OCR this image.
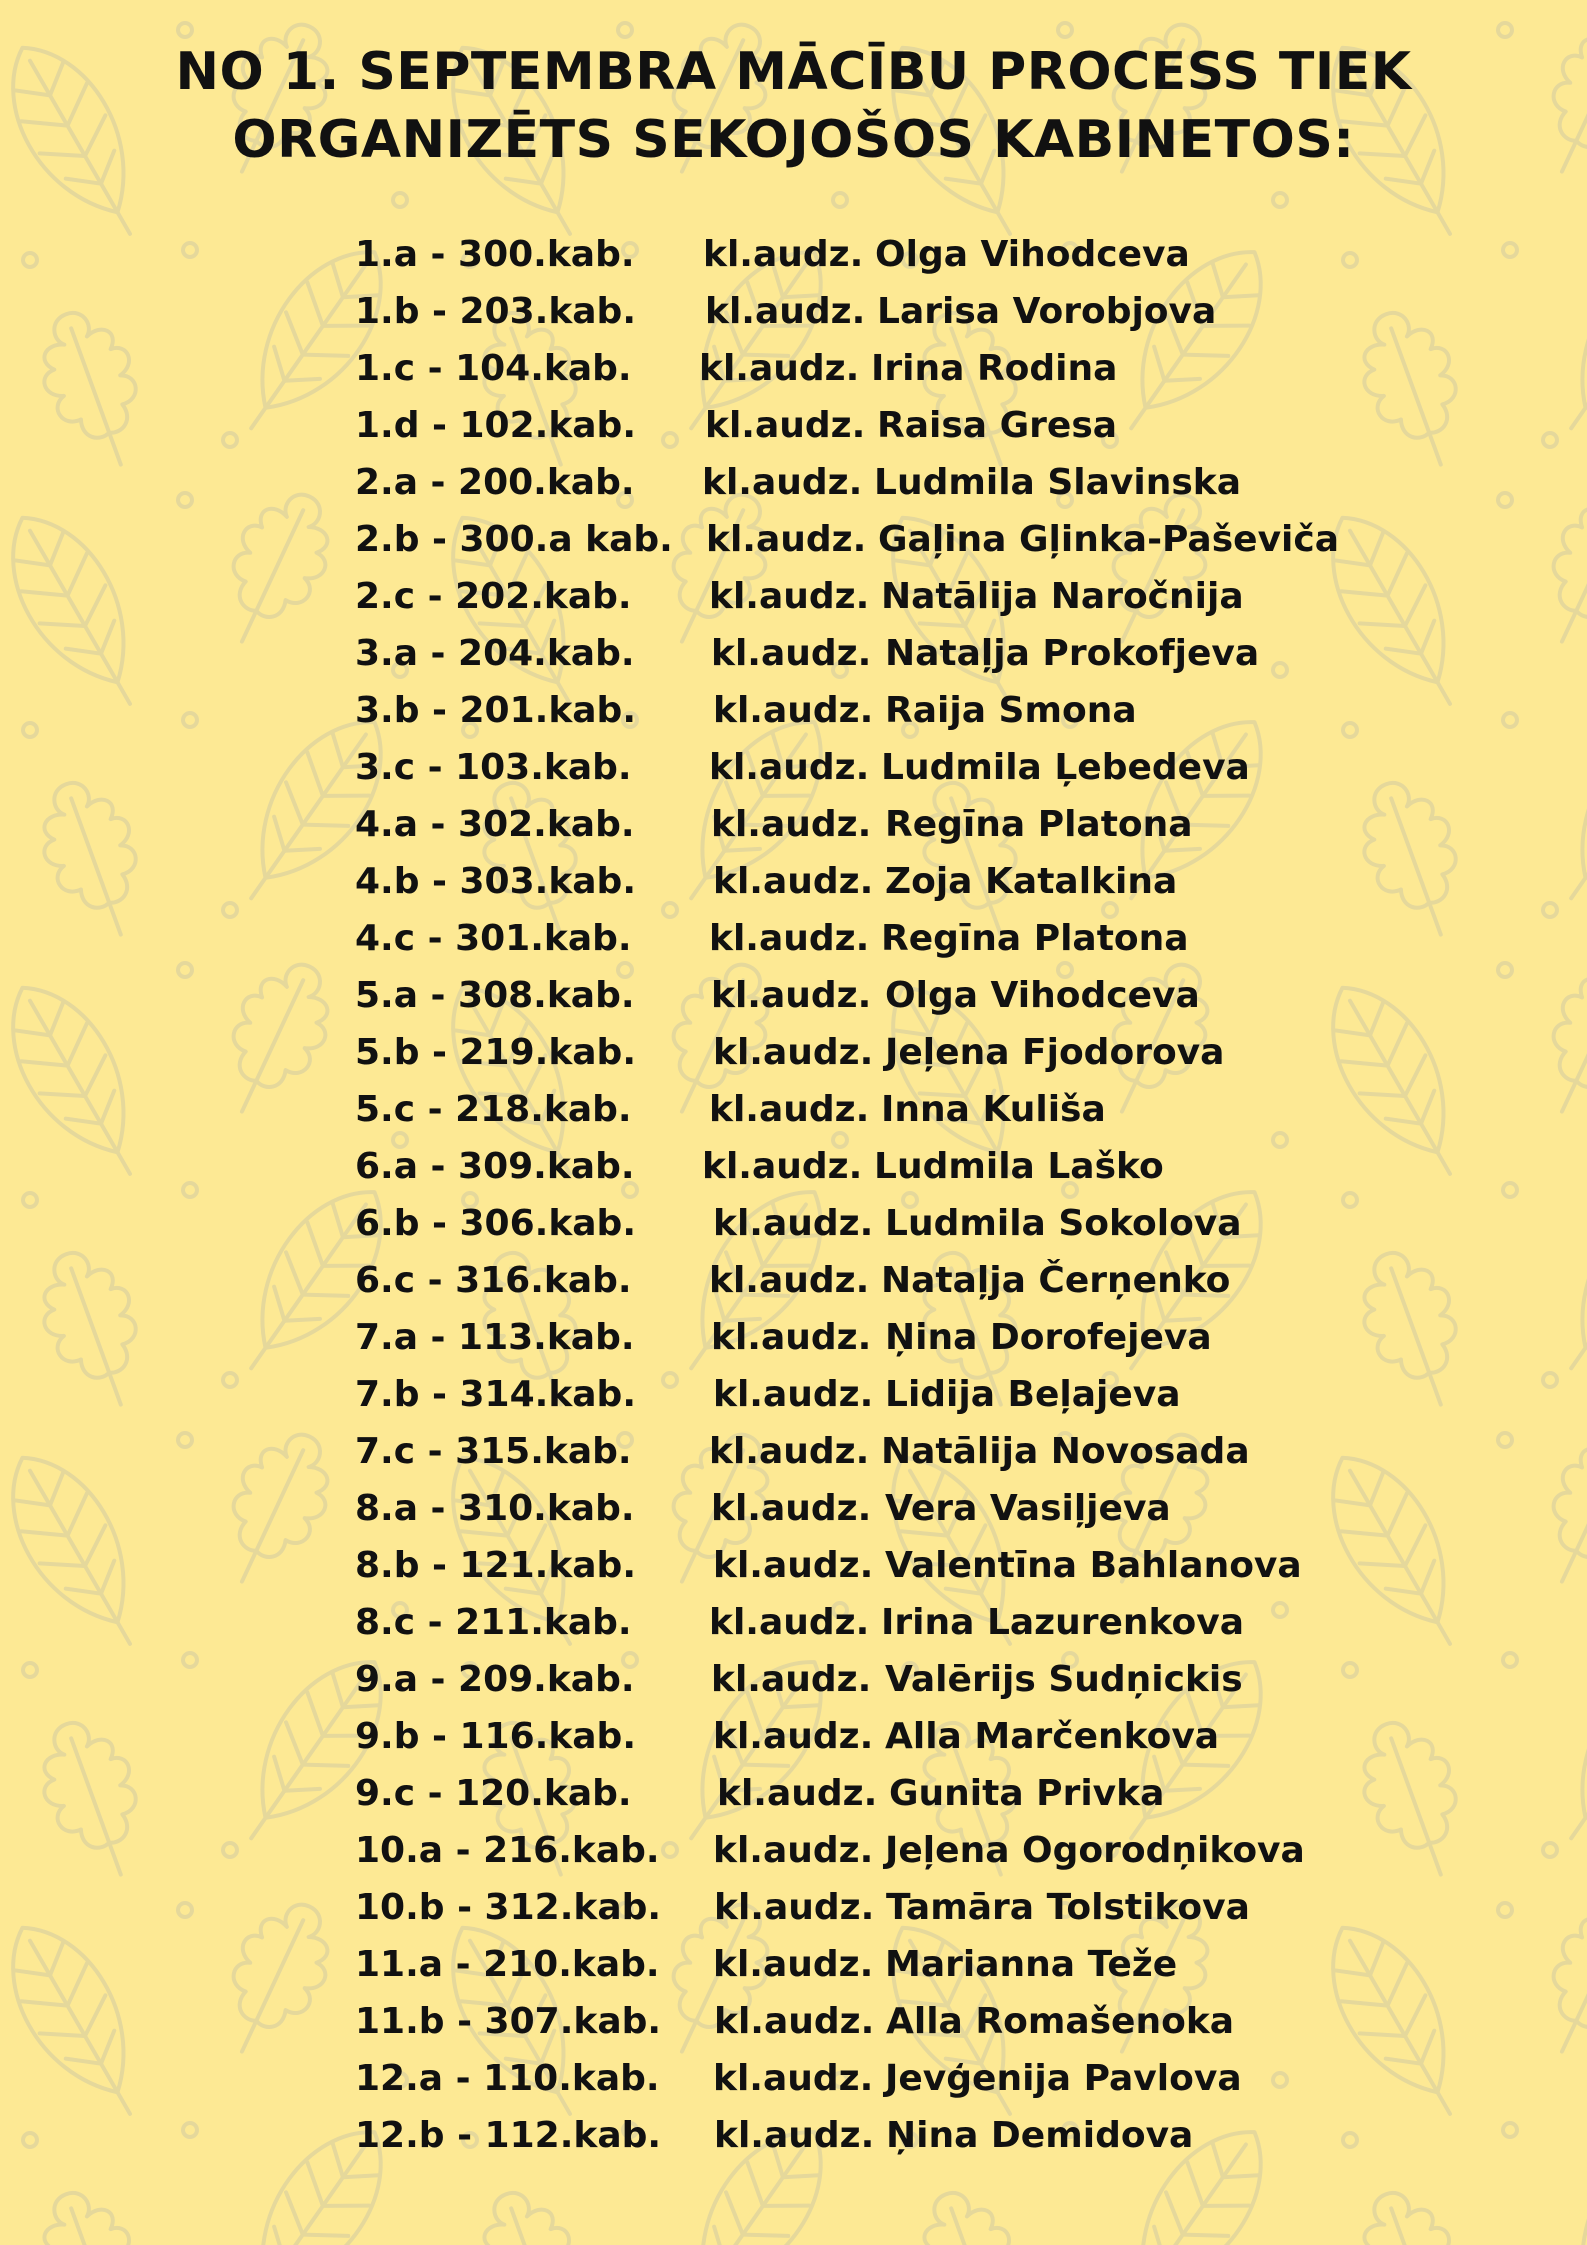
NO 1. SEPTEMBRA MĀCĪBU PROCESS TIEK
ORGANIZĒTS SEKOJOŠOS KABINETOS:
1.a - 300.kab. kl.audz. Olga Vihodceva
1.b - 203.kab. kl.audz. Larisa Vorobjova
1.c - 104.kab. kl.audz. Irina Rodina
1.d - 102.kab. kl.audz. Raisa Gresa
2.a - 200.kab. kl.audz. Ludmila Slavinska
2.b - 300.a kab. kl.audz. Gaļina Gļinka-Paševiča
2.c - 202.kab. kl.audz. Natālija Naročnija
3.a - 204.kab. kl.audz. Nataļja Prokofjeva
3.b - 201.kab. kl.audz. Raija Smona
3.c - 103.kab. kl.audz. Ludmila Ļebedeva
4.a - 302.kab. kl.audz. Regīna Platona
4.b - 303.kab. kl.audz. Zoja Katalkina
4.c - 301.kab. kl.audz. Regīna Platona
5.a - 308.kab. kl.audz. Olga Vihodceva
5.b - 219.kab. kl.audz. Jeļena Fjodorova
5.c - 218.kab. kl.audz. Inna Kuliša
6.a - 309.kab. kl.audz. Ludmila Laško
6.b - 306.kab. kl.audz. Ludmila Sokolova
6.c - 316.kab. kl.audz. Nataļja Čerņenko
7.a - 113.kab. kl.audz. Ņina Dorofejeva
7.b - 314.kab. kl.audz. Lidija Beļajeva
7.c - 315.kab. kl.audz. Natālija Novosada
8.a - 310.kab. kl.audz. Vera Vasiļjeva
8.b - 121.kab. kl.audz. Valentīna Bahlanova
8.c - 211.kab. kl.audz. Irina Lazurenkova
9.a - 209.kab. kl.audz. Valērijs Sudņickis
9.b - 116.kab. kl.audz. Alla Marčenkova
9.c - 120.kab. kl.audz. Gunita Privka
10.a - 216.kab. kl.audz. Jeļena Ogorodņikova
10.b - 312.kab. kl.audz. Tamāra Tolstikova
11.a - 210.kab. kl.audz. Marianna Teže
11.b - 307.kab. kl.audz. Alla Romašenoka
12.a - 110.kab. kl.audz. Jevģenija Pavlova
12.b - 112.kab. kl.audz. Ņina Demidova
